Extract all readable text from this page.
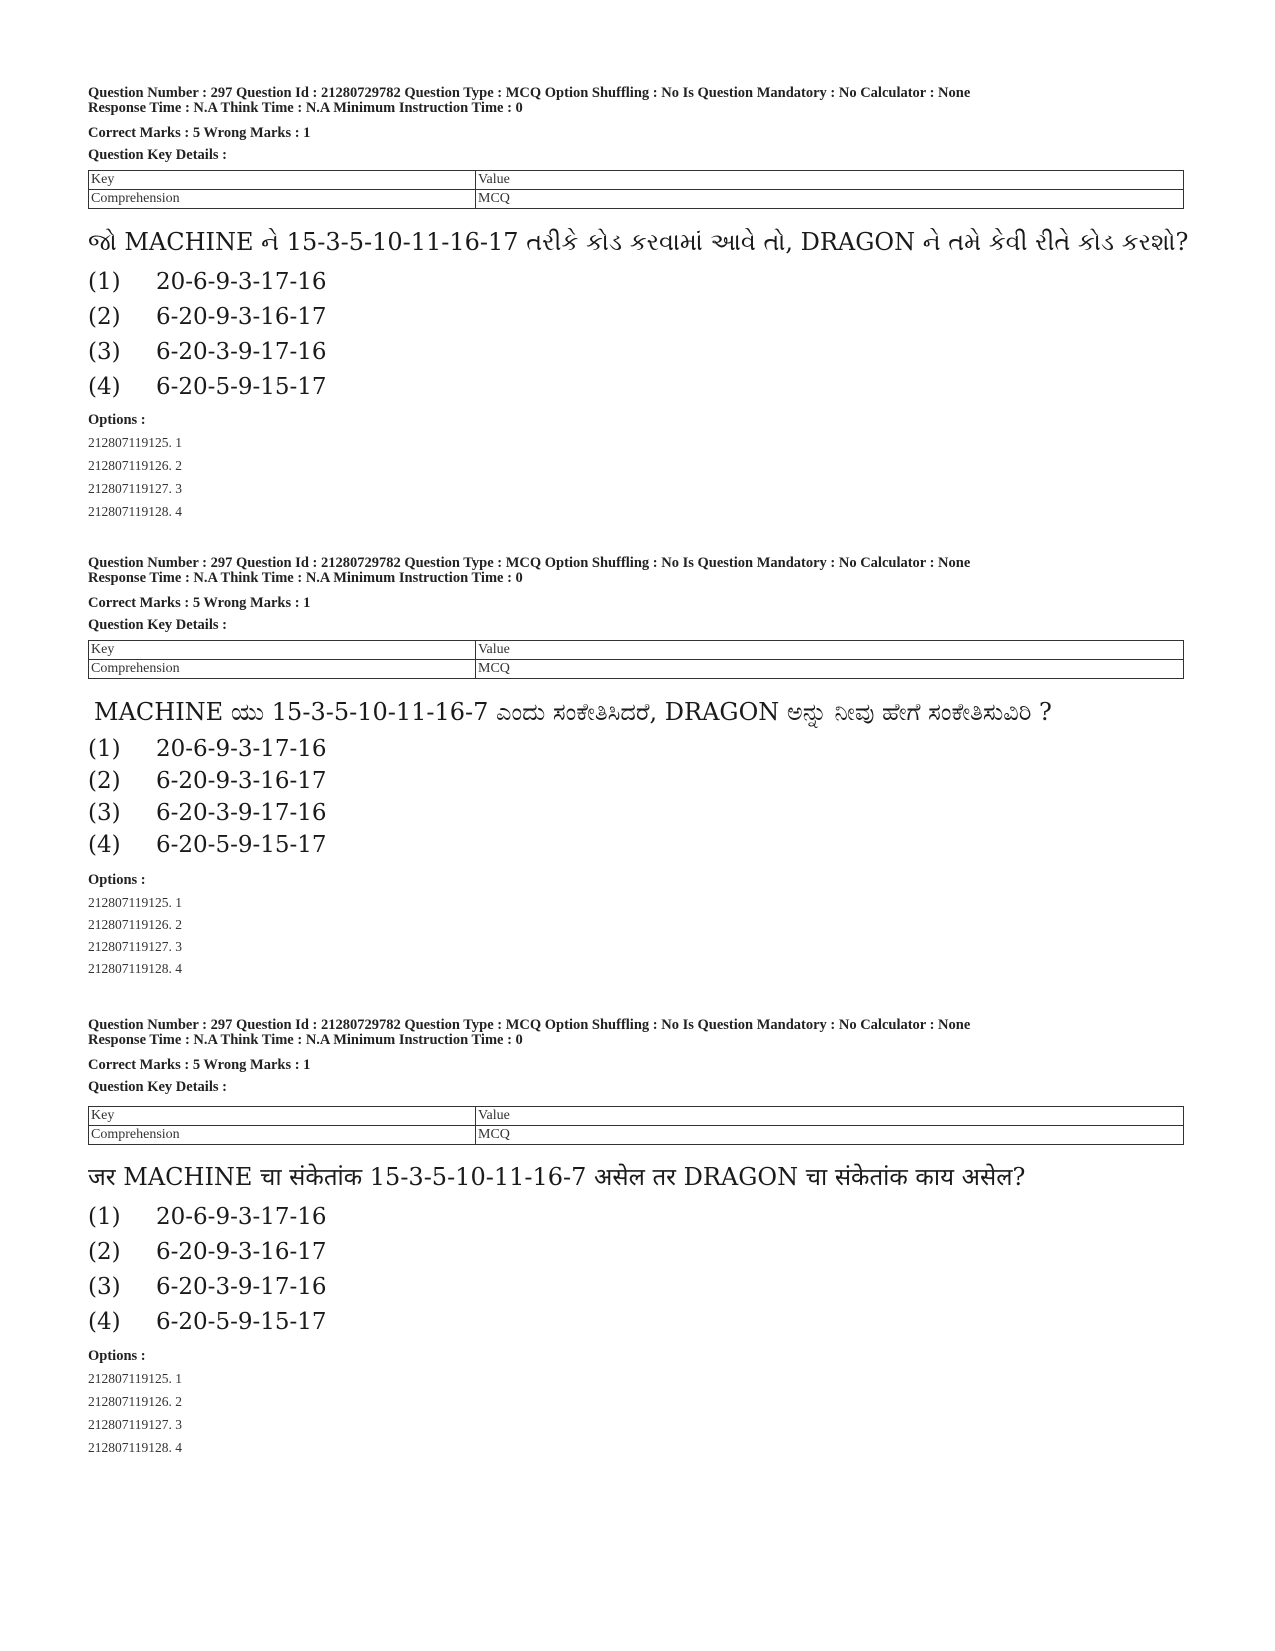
Question Number : 297 Question Id : 21280729782 Question Type : MCQ Option Shuffling : No Is Question Mandatory : No Calculator : None
Response Time : N.A Think Time : N.A Minimum Instruction Time : 0
Correct Marks : 5 Wrong Marks : 1
Question Key Details :
Key	Value
Comprehension	MCQ
જો MACHINE ને 15-3-5-10-11-16-17 તરીકે કોડ કરવામાં આવે તો, DRAGON ને તમે કેવી રીતે કોડ કરશો?
(1) 20-6-9-3-17-16
(2) 6-20-9-3-16-17
(3) 6-20-3-9-17-16
(4) 6-20-5-9-15-17
Options :
212807119125. 1
212807119126. 2
212807119127. 3
212807119128. 4
Question Number : 297 Question Id : 21280729782 Question Type : MCQ Option Shuffling : No Is Question Mandatory : No Calculator : None
Response Time : N.A Think Time : N.A Minimum Instruction Time : 0
Correct Marks : 5 Wrong Marks : 1
Question Key Details :
Key	Value
Comprehension	MCQ
MACHINE ಯು 15-3-5-10-11-16-7 ಎಂದು ಸಂಕೇತಿಸಿದರೆ, DRAGON ಅನ್ನು ನೀವು ಹೇಗೆ ಸಂಕೇತಿಸುವಿರಿ ?
(1) 20-6-9-3-17-16
(2) 6-20-9-3-16-17
(3) 6-20-3-9-17-16
(4) 6-20-5-9-15-17
Options :
212807119125. 1
212807119126. 2
212807119127. 3
212807119128. 4
Question Number : 297 Question Id : 21280729782 Question Type : MCQ Option Shuffling : No Is Question Mandatory : No Calculator : None
Response Time : N.A Think Time : N.A Minimum Instruction Time : 0
Correct Marks : 5 Wrong Marks : 1
Question Key Details :
Key	Value
Comprehension	MCQ
जर MACHINE चा संकेतांक 15-3-5-10-11-16-7 असेल तर DRAGON चा संकेतांक काय असेल?
(1) 20-6-9-3-17-16
(2) 6-20-9-3-16-17
(3) 6-20-3-9-17-16
(4) 6-20-5-9-15-17
Options :
212807119125. 1
212807119126. 2
212807119127. 3
212807119128. 4
